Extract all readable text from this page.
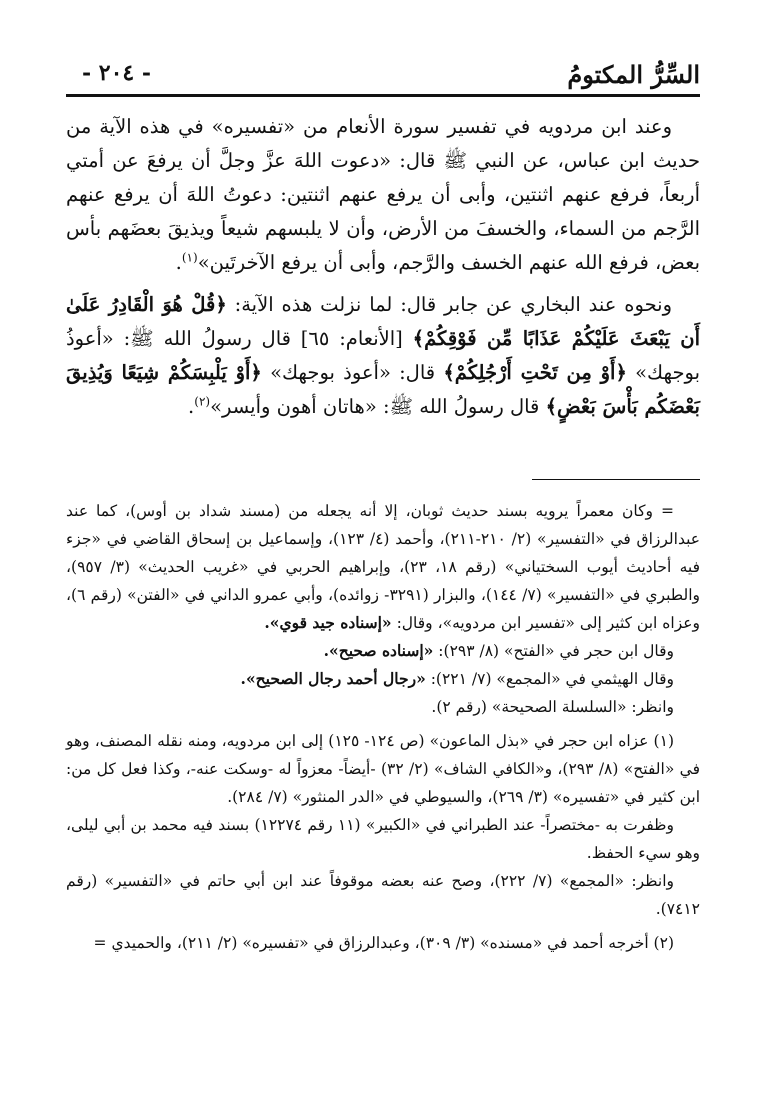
السِّرُّ المكتومُ
- ٢٠٤ -

وعند ابن مردويه في تفسير سورة الأنعام من «تفسيره» في هذه الآية من حديث ابن عباس، عن النبي ﷺ قال: «دعوت اللهَ عزَّ وجلَّ أن يرفعَ عن أمتي أربعاً، فرفع عنهم اثنتين، وأبى أن يرفع عنهم اثنتين: دعوتُ اللهَ أن يرفع عنهم الرَّجم من السماء، والخسفَ من الأرض، وأن لا يلبسهم شيعاً ويذيقَ بعضَهم بأس بعض، فرفع الله عنهم الخسف والرَّجم، وأبى أن يرفع الآخرتَين»$^{(١)}$.

ونحوه عند البخاري عن جابر قال: لما نزلت هذه الآية: ﴿قُلْ هُوَ الْقَادِرُ عَلَىٰ أَن يَبْعَثَ عَلَيْكُمْ عَذَابًا مِّن فَوْقِكُمْ﴾ [الأنعام: ٦٥] قال رسولُ الله ﷺ: «أعوذُ بوجهك» ﴿أَوْ مِن تَحْتِ أَرْجُلِكُمْ﴾ قال: «أعوذ بوجهك» ﴿أَوْ يَلْبِسَكُمْ شِيَعًا وَيُذِيقَ بَعْضَكُم بَأْسَ بَعْضٍ﴾ قال رسولُ الله ﷺ: «هاتان أهون وأيسر»$^{(٢)}$.

= وكان معمراً يرويه بسند حديث ثوبان، إلا أنه يجعله من (مسند شداد بن أوس)، كما عند عبدالرزاق في «التفسير» (٢/ ٢١٠-٢١١)، وأحمد (٤/ ١٢٣)، وإسماعيل بن إسحاق القاضي في «جزء فيه أحاديث أيوب السختياني» (رقم ١٨، ٢٣)، وإبراهيم الحربي في «غريب الحديث» (٣/ ٩٥٧)، والطبري في «التفسير» (٧/ ١٤٤)، والبزار (٣٢٩١- زوائده)، وأبي عمرو الداني في «الفتن» (رقم ٦)، وعزاه ابن كثير إلى «تفسير ابن مردويه»، وقال: «إسناده جيد قوي».

وقال ابن حجر في «الفتح» (٨/ ٢٩٣): «إسناده صحيح».

وقال الهيثمي في «المجمع» (٧/ ٢٢١): «رجال أحمد رجال الصحيح».

وانظر: «السلسلة الصحيحة» (رقم ٢).

(١) عزاه ابن حجر في «بذل الماعون» (ص ١٢٤- ١٢٥) إلى ابن مردويه، ومنه نقله المصنف، وهو في «الفتح» (٨/ ٢٩٣)، و«الكافي الشاف» (٢/ ٣٢) -أيضاً- معزواً له -وسكت عنه-، وكذا فعل كل من: ابن كثير في «تفسيره» (٣/ ٢٦٩)، والسيوطي في «الدر المنثور» (٧/ ٢٨٤).

وظفرت به -مختصراً- عند الطبراني في «الكبير» (١١ رقم ١٢٢٧٤) بسند فيه محمد بن أبي ليلى، وهو سيء الحفظ.

وانظر: «المجمع» (٧/ ٢٢٢)، وصح عنه بعضه موقوفاً عند ابن أبي حاتم في «التفسير» (رقم ٧٤١٢).

(٢) أخرجه أحمد في «مسنده» (٣/ ٣٠٩)، وعبدالرزاق في «تفسيره» (٢/ ٢١١)، والحميدي =
